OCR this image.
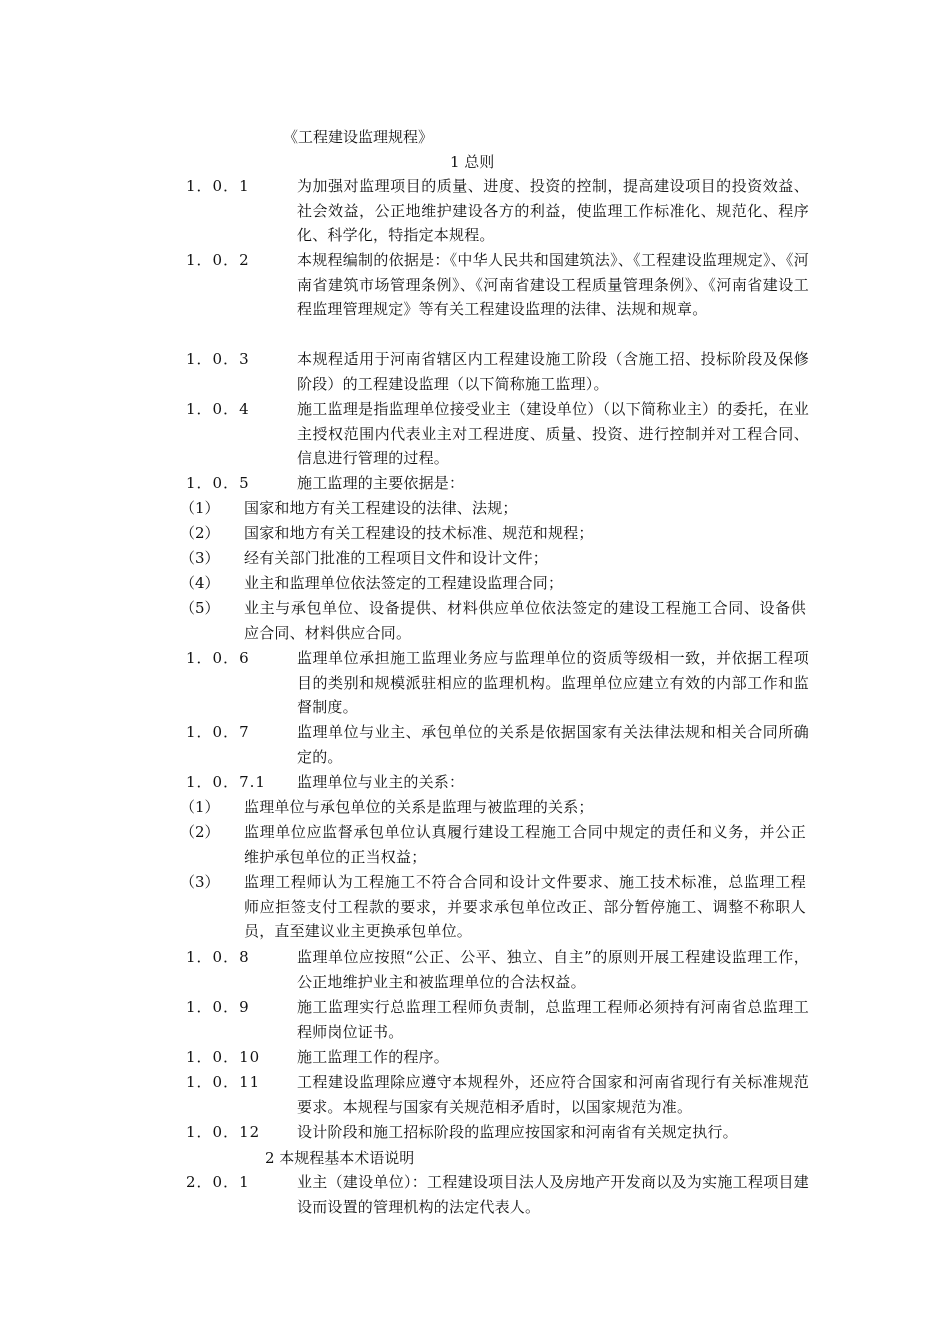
《工程建设监理规程》
1 总则
1．0．1	为加强对监理项目的质量、进度、投资的控制，提高建设项目的投资效益、社会效益，公正地维护建设各方的利益，使监理工作标准化、规范化、程序化、科学化，特指定本规程。
1．0．2	本规程编制的依据是：《中华人民共和国建筑法》、《工程建设监理规定》、《河南省建筑市场管理条例》、《河南省建设工程质量管理条例》、《河南省建设工程监理管理规定》等有关工程建设监理的法律、法规和规章。
1．0．3	本规程适用于河南省辖区内工程建设施工阶段（含施工招、投标阶段及保修阶段）的工程建设监理（以下简称施工监理）。
1．0．4	施工监理是指监理单位接受业主（建设单位）（以下简称业主）的委托，在业主授权范围内代表业主对工程进度、质量、投资、进行控制并对工程合同、信息进行管理的过程。
1．0．5	施工监理的主要依据是：
（1） 国家和地方有关工程建设的法律、法规；
（2） 国家和地方有关工程建设的技术标准、规范和规程；
（3） 经有关部门批准的工程项目文件和设计文件；
（4） 业主和监理单位依法签定的工程建设监理合同；
（5） 业主与承包单位、设备提供、材料供应单位依法签定的建设工程施工合同、设备供应合同、材料供应合同。
1．0．6	监理单位承担施工监理业务应与监理单位的资质等级相一致，并依据工程项目的类别和规模派驻相应的监理机构。监理单位应建立有效的内部工作和监督制度。
1．0．7	监理单位与业主、承包单位的关系是依据国家有关法律法规和相关合同所确定的。
1．0．7.1 监理单位与业主的关系：
（1） 监理单位与承包单位的关系是监理与被监理的关系；
（2） 监理单位应监督承包单位认真履行建设工程施工合同中规定的责任和义务，并公正维护承包单位的正当权益；
（3） 监理工程师认为工程施工不符合合同和设计文件要求、施工技术标准，总监理工程师应拒签支付工程款的要求，并要求承包单位改正、部分暂停施工、调整不称职人员，直至建议业主更换承包单位。
1．0．8	监理单位应按照“公正、公平、独立、自主”的原则开展工程建设监理工作，公正地维护业主和被监理单位的合法权益。
1．0．9	施工监理实行总监理工程师负责制，总监理工程师必须持有河南省总监理工程师岗位证书。
1．0．10 施工监理工作的程序。
1．0．11 工程建设监理除应遵守本规程外，还应符合国家和河南省现行有关标准规范要求。本规程与国家有关规范相矛盾时，以国家规范为准。
1．0．12 设计阶段和施工招标阶段的监理应按国家和河南省有关规定执行。
2 本规程基本术语说明
2．0．1	业主（建设单位）：工程建设项目法人及房地产开发商以及为实施工程项目建设而设置的管理机构的法定代表人。
